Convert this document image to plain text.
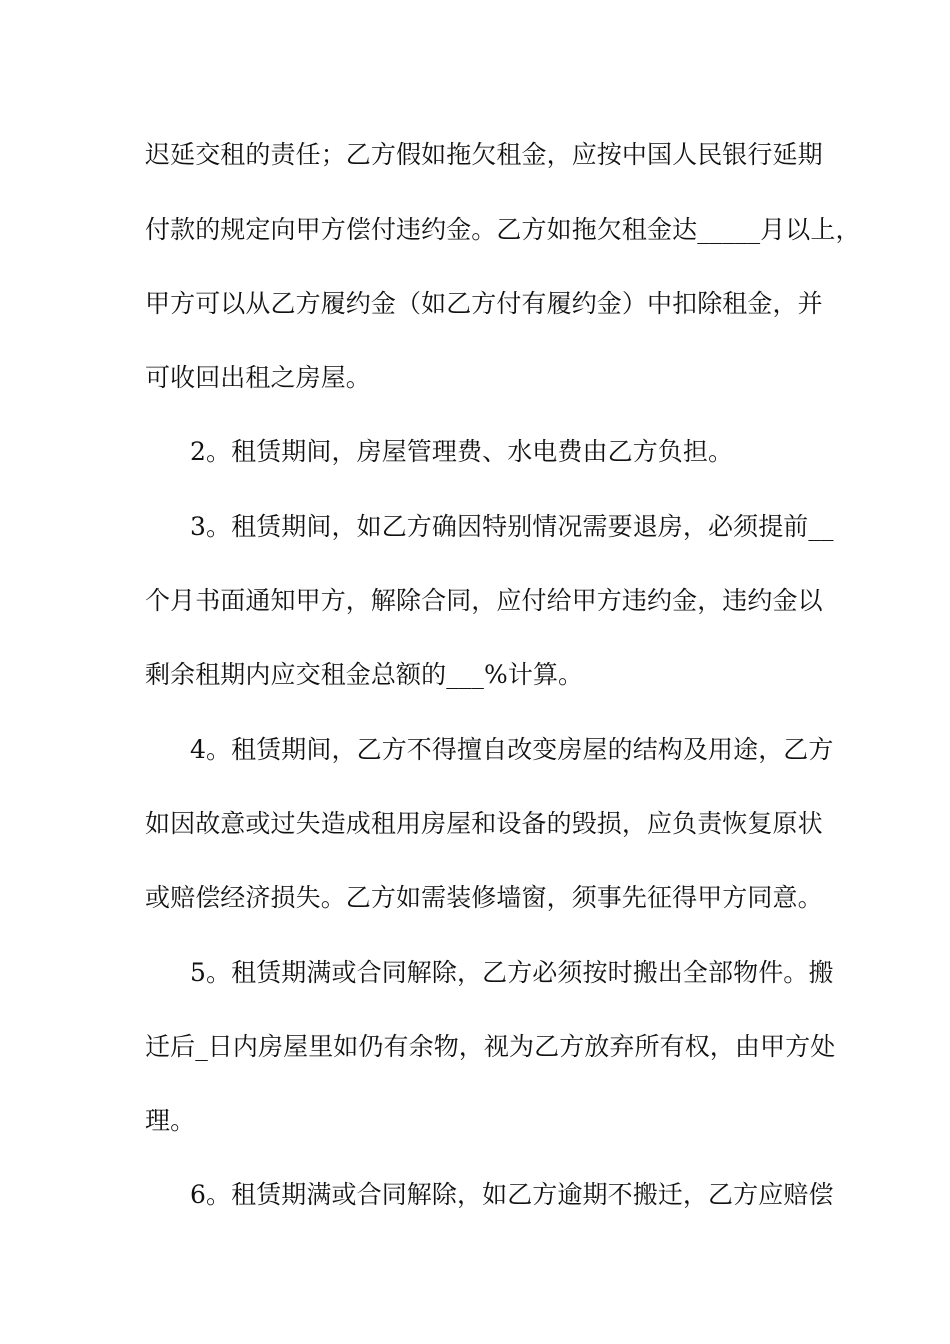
迟延交租的责任；乙方假如拖欠租金，应按中国人民银行延期
付款的规定向甲方偿付违约金。乙方如拖欠租金达_____月以上，
甲方可以从乙方履约金（如乙方付有履约金）中扣除租金，并
可收回出租之房屋。
2。租赁期间，房屋管理费、水电费由乙方负担。
3。租赁期间，如乙方确因特别情况需要退房，必须提前__
个月书面通知甲方，解除合同，应付给甲方违约金，违约金以
剩余租期内应交租金总额的___%计算。
4。租赁期间，乙方不得擅自改变房屋的结构及用途，乙方
如因故意或过失造成租用房屋和设备的毁损，应负责恢复原状
或赔偿经济损失。乙方如需装修墙窗，须事先征得甲方同意。
5。租赁期满或合同解除，乙方必须按时搬出全部物件。搬
迁后_日内房屋里如仍有余物，视为乙方放弃所有权，由甲方处
理。
6。租赁期满或合同解除，如乙方逾期不搬迁，乙方应赔偿
